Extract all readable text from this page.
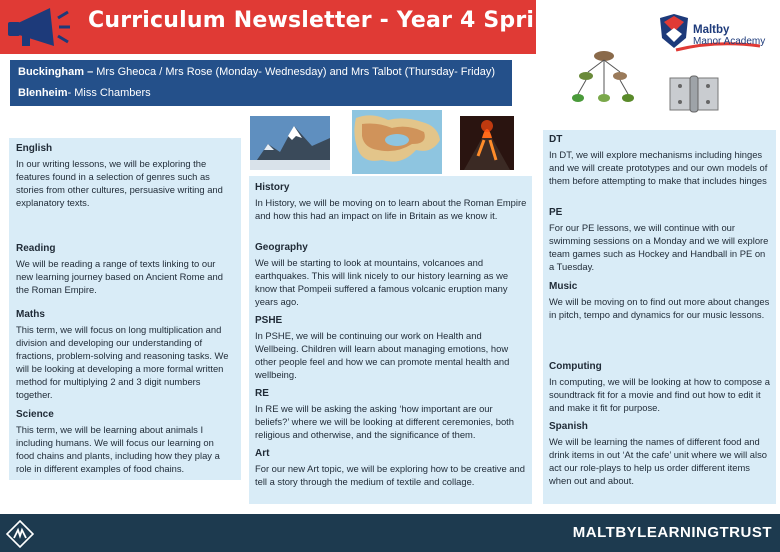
Curriculum Newsletter - Year 4 Spring 1	Maltby
Manor Academy
Buckingham – Mrs Gheoca / Mrs Rose (Monday- Wednesday) and Mrs Talbot (Thursday- Friday)
Blenheim- Miss Chambers
English

In our writing lessons, we will be exploring the features found in a selection of genres such as stories from other cultures, persuasive writing and explanatory texts.

Reading

We will be reading a range of texts linking to our new learning journey based on Ancient Rome and the Roman Empire.

Maths

This term, we will focus on long multiplication and division and developing our understanding of fractions, problem-solving and reasoning tasks. We will be looking at developing a more formal written method for multiplying 2 and 3 digit numbers together.

Science

This term, we will be learning about animals I including humans. We will focus our learning on food chains and plants, including how they play a role in different examples of food chains.

History

In History, we will be moving on to learn about the Roman Empire and how this had an impact on life in Britain as we know it.

Geography

We will be starting to look at mountains, volcanoes and earthquakes. This will link nicely to our history learning as we know that Pompeii suffered a famous volcanic eruption many years ago.

PSHE

In PSHE, we will be continuing our work on Health and Wellbeing. Children will learn about managing emotions, how other people feel and how we can promote mental health and wellbeing.

RE

In RE we will be asking the asking ‘how important are our beliefs?’ where we will be looking at different ceremonies, both religious and otherwise, and the significance of them.

Art

For our new Art topic, we will be exploring how to be creative and tell a story through the medium of textile and collage.

DT

In DT, we will explore mechanisms including hinges and we will create prototypes and our own models of them before attempting to make that includes hinges

PE

For our PE lessons, we will continue with our swimming sessions on a Monday and we will explore team games such as Hockey and Handball in PE on a Tuesday.

Music

We will be moving on to find out more about changes in pitch, tempo and dynamics for our music lessons.

Computing

In computing, we will be looking at how to compose a soundtrack fit for a movie and find out how to edit it and make it fit for purpose.

Spanish

We will be learning the names of different food and drink items in out ‘At the cafe’ unit where we will also act our role-plays to help us order different items when out and about.

MALTBYLEARNINGTRUST
